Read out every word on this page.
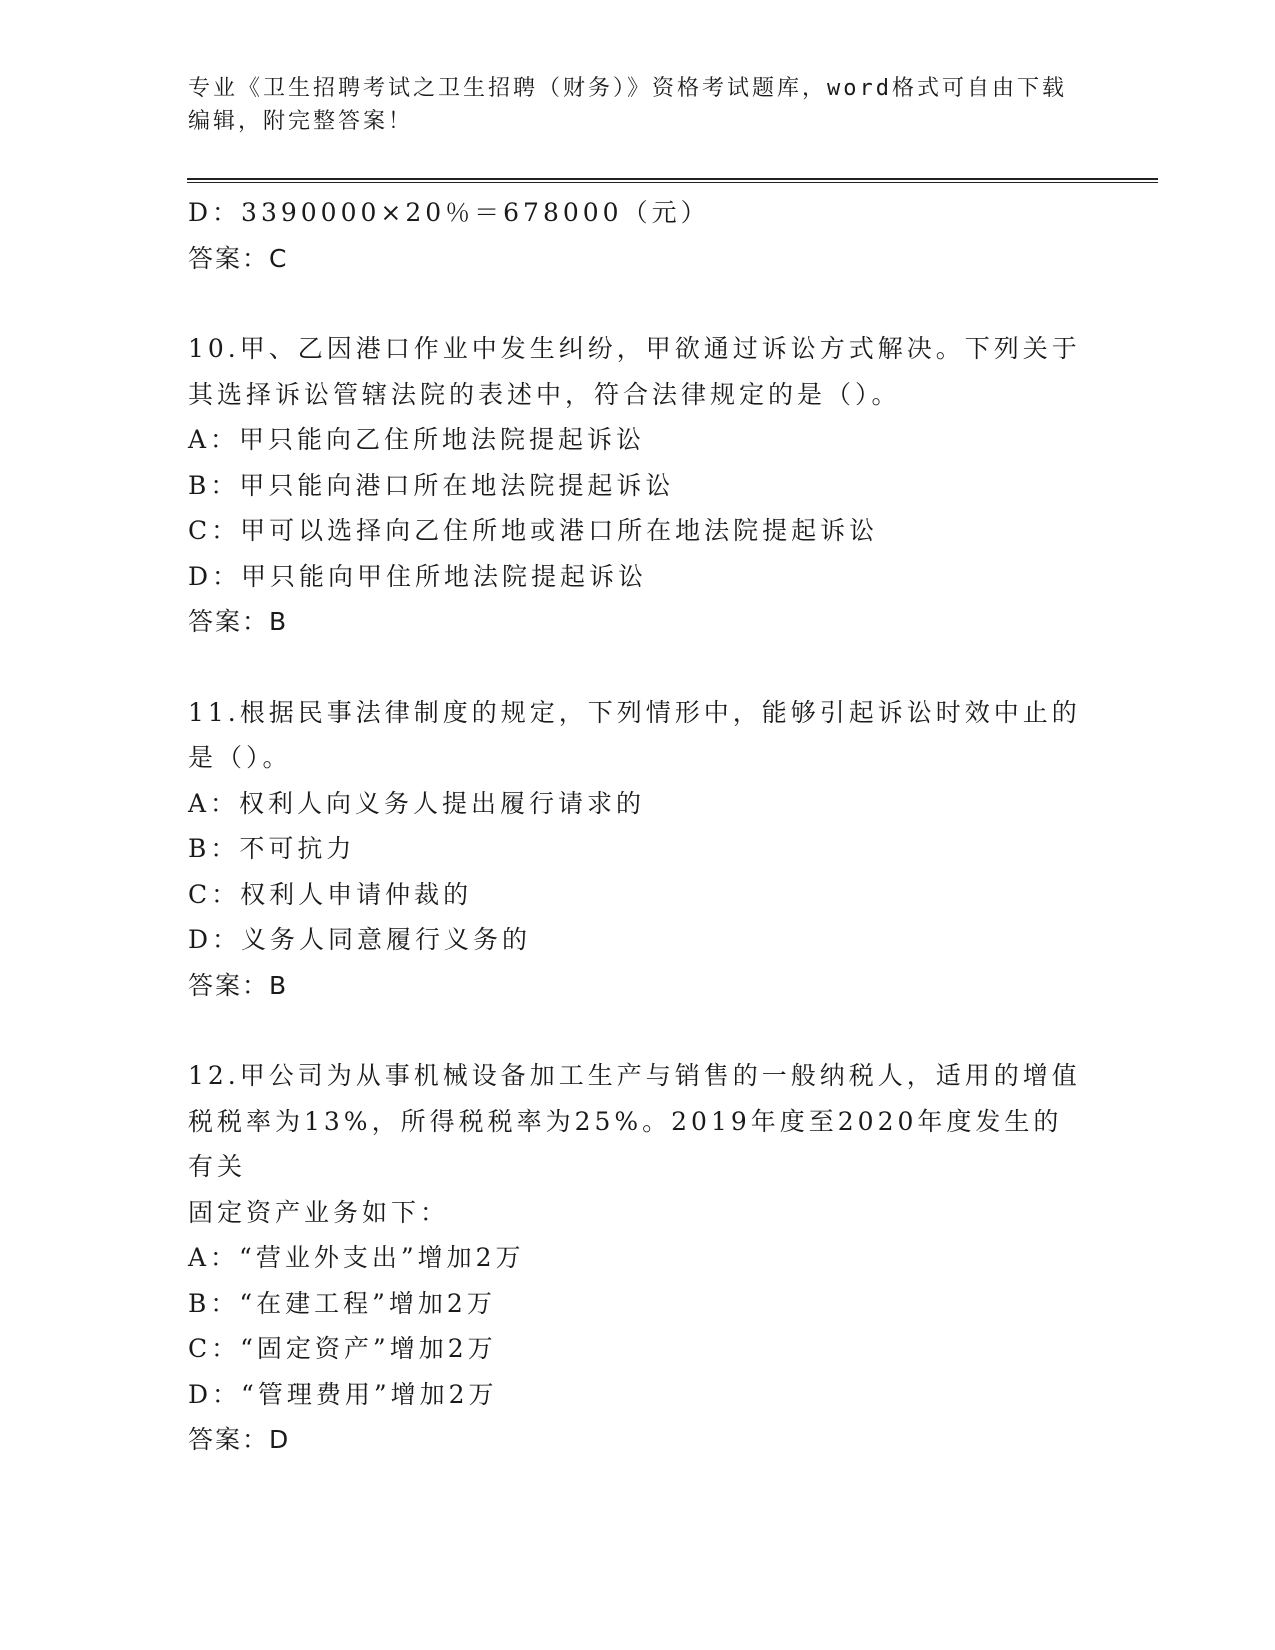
专业《卫生招聘考试之卫生招聘（财务）》资格考试题库，word格式可自由下载
编辑，附完整答案！
D：3390000×20％＝678000（元）
答案：C
10.甲、乙因港口作业中发生纠纷，甲欲通过诉讼方式解决。下列关于
其选择诉讼管辖法院的表述中，符合法律规定的是（）。
A：甲只能向乙住所地法院提起诉讼
B：甲只能向港口所在地法院提起诉讼
C：甲可以选择向乙住所地或港口所在地法院提起诉讼
D：甲只能向甲住所地法院提起诉讼
答案：B
11.根据民事法律制度的规定，下列情形中，能够引起诉讼时效中止的
是（）。
A：权利人向义务人提出履行请求的
B：不可抗力
C：权利人申请仲裁的
D：义务人同意履行义务的
答案：B
12.甲公司为从事机械设备加工生产与销售的一般纳税人，适用的增值
税税率为13%，所得税税率为25%。2019年度至2020年度发生的有关
固定资产业务如下：
A：“营业外支出”增加2万
B：“在建工程”增加2万
C：“固定资产”增加2万
D：“管理费用”增加2万
答案：D
